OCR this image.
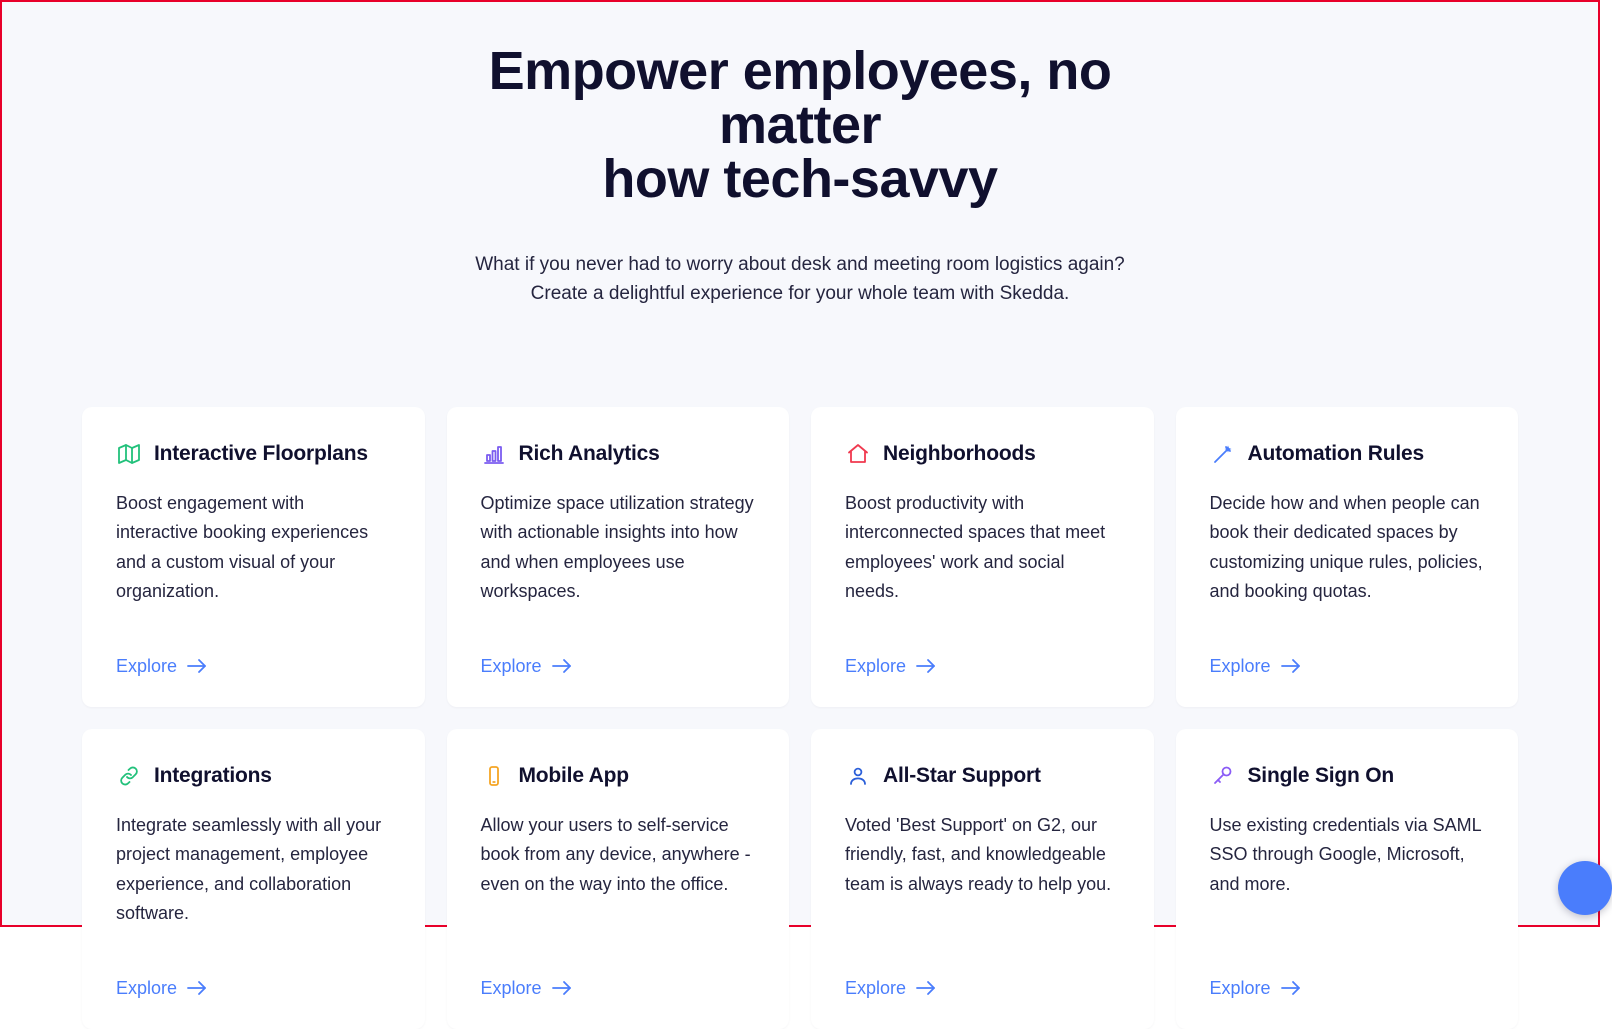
Empower employees, no matter
how tech-savvy

What if you never had to worry about desk and meeting room logistics again?
Create a delightful experience for your whole team with Skedda.

Interactive Floorplans
Boost engagement with interactive booking experiences and a custom visual of your organization.
Explore
Rich Analytics
Optimize space utilization strategy with actionable insights into how and when employees use workspaces.
Explore
Neighborhoods
Boost productivity with interconnected spaces that meet employees' work and social needs.
Explore
Automation Rules
Decide how and when people can book their dedicated spaces by customizing unique rules, policies, and booking quotas.
Explore
Integrations
Integrate seamlessly with all your project management, employee experience, and collaboration software.
Explore
Mobile App
Allow your users to self-service book from any device, anywhere - even on the way into the office.
Explore
All-Star Support
Voted 'Best Support' on G2, our friendly, fast, and knowledgeable team is always ready to help you.
Explore
Single Sign On
Use existing credentials via SAML SSO through Google, Microsoft, and more.
Explore
